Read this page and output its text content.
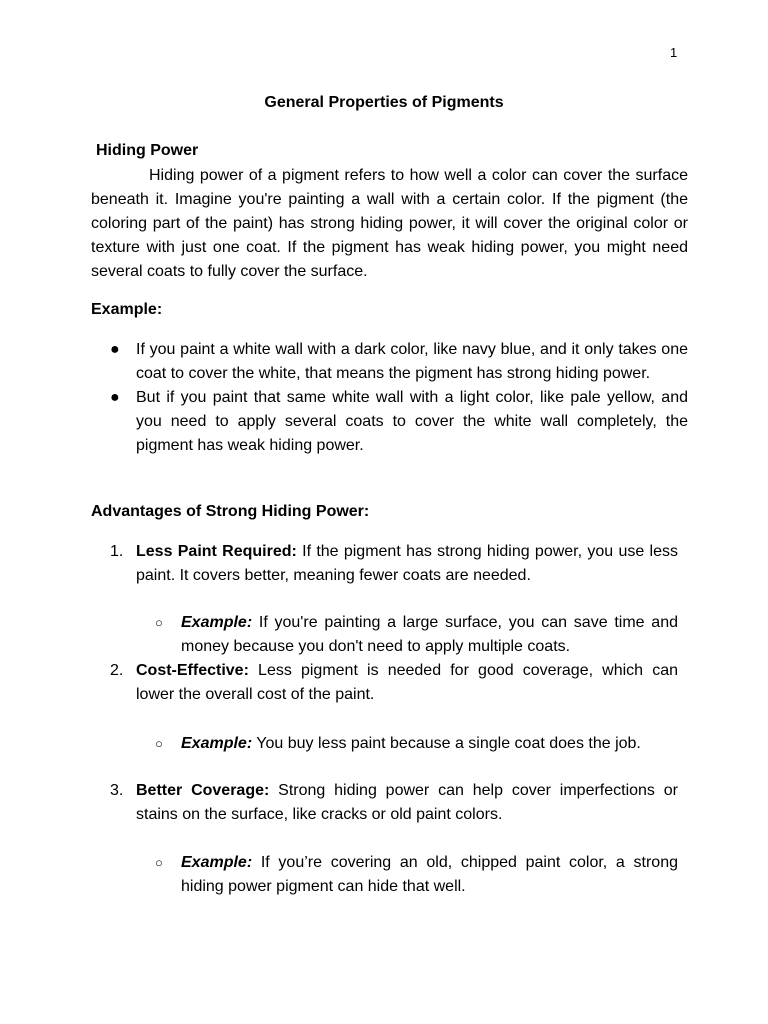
1
General Properties of Pigments
Hiding Power
Hiding power of a pigment refers to how well a color can cover the surface beneath it. Imagine you're painting a wall with a certain color. If the pigment (the coloring part of the paint) has strong hiding power, it will cover the original color or texture with just one coat. If the pigment has weak hiding power, you might need several coats to fully cover the surface.
Example:
● If you paint a white wall with a dark color, like navy blue, and it only takes one coat to cover the white, that means the pigment has strong hiding power.
● But if you paint that same white wall with a light color, like pale yellow, and you need to apply several coats to cover the white wall completely, the pigment has weak hiding power.
Advantages of Strong Hiding Power:
1. Less Paint Required: If the pigment has strong hiding power, you use less paint. It covers better, meaning fewer coats are needed.
○	Example: If you're painting a large surface, you can save time and money because you don't need to apply multiple coats.
2. Cost-Effective: Less pigment is needed for good coverage, which can lower the overall cost of the paint.
○	Example: You buy less paint because a single coat does the job.
3. Better Coverage: Strong hiding power can help cover imperfections or stains on the surface, like cracks or old paint colors.
○	Example: If you’re covering an old, chipped paint color, a strong hiding power pigment can hide that well.
